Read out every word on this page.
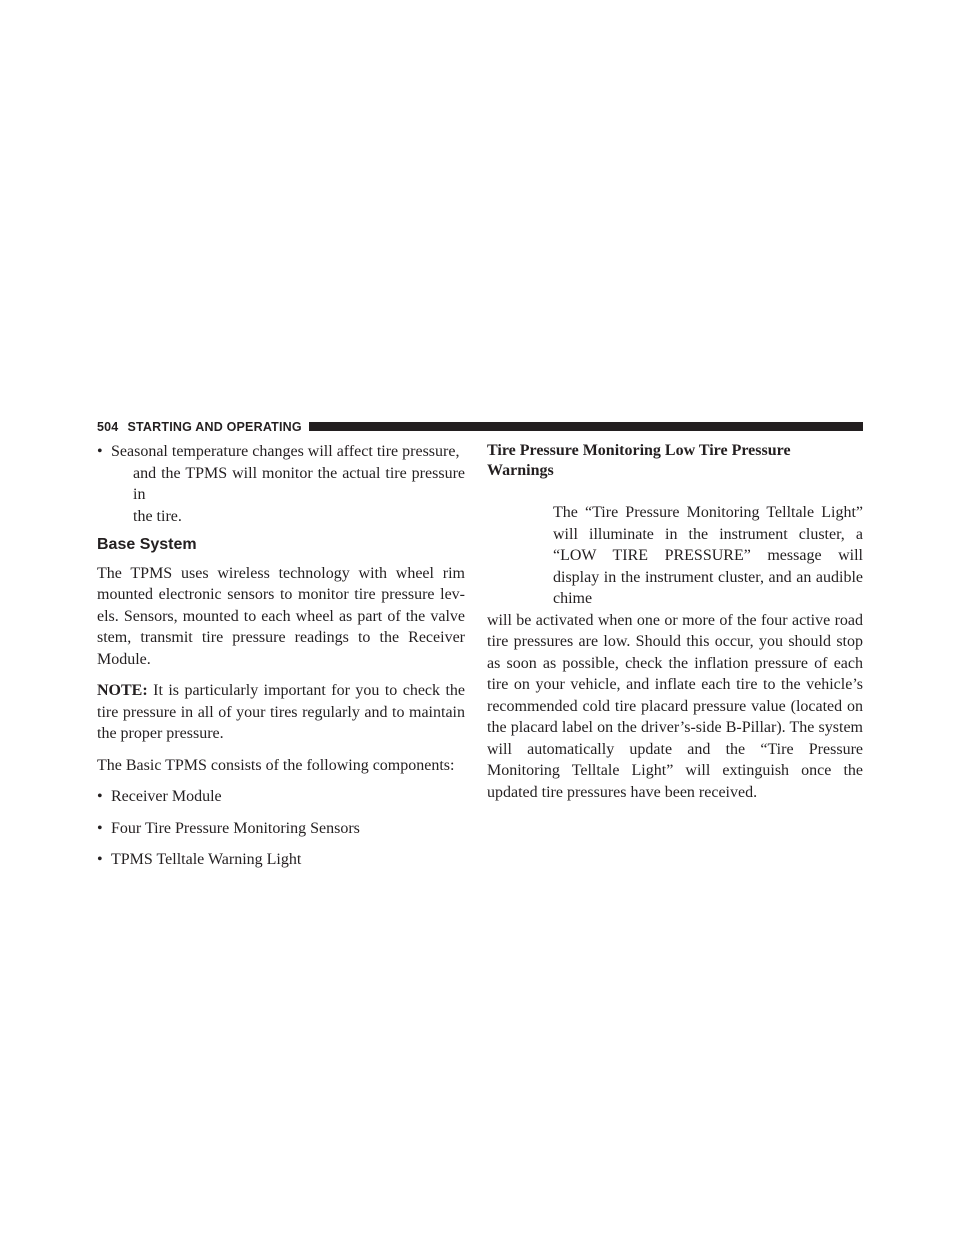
504 STARTING AND OPERATING
• Seasonal temperature changes will affect tire pressure,

and the TPMS will monitor the actual tire pressure in
the tire.
Base System

The TPMS uses wireless technology with wheel rim mounted electronic sensors to monitor tire pressure lev-els. Sensors, mounted to each wheel as part of the valve stem, transmit tire pressure readings to the Receiver Module.

NOTE: It is particularly important for you to check the tire pressure in all of your tires regularly and to maintain the proper pressure.

The Basic TPMS consists of the following components:

• Receiver Module
• Four Tire Pressure Monitoring Sensors
• TPMS Telltale Warning Light
Tire Pressure Monitoring Low Tire Pressure
Warnings

The “Tire Pressure Monitoring Telltale Light” will illuminate in the instrument cluster, a “LOW TIRE PRESSURE” message will display in the instrument cluster, and an audible chime

will be activated when one or more of the four active road tire pressures are low. Should this occur, you should stop as soon as possible, check the inflation pressure of each tire on your vehicle, and inflate each tire to the vehicle’s recommended cold tire placard pressure value (located on the placard label on the driver’s-side B-Pillar). The system will automatically update and the “Tire Pressure Monitoring Telltale Light” will extinguish once the updated tire pressures have been received.
